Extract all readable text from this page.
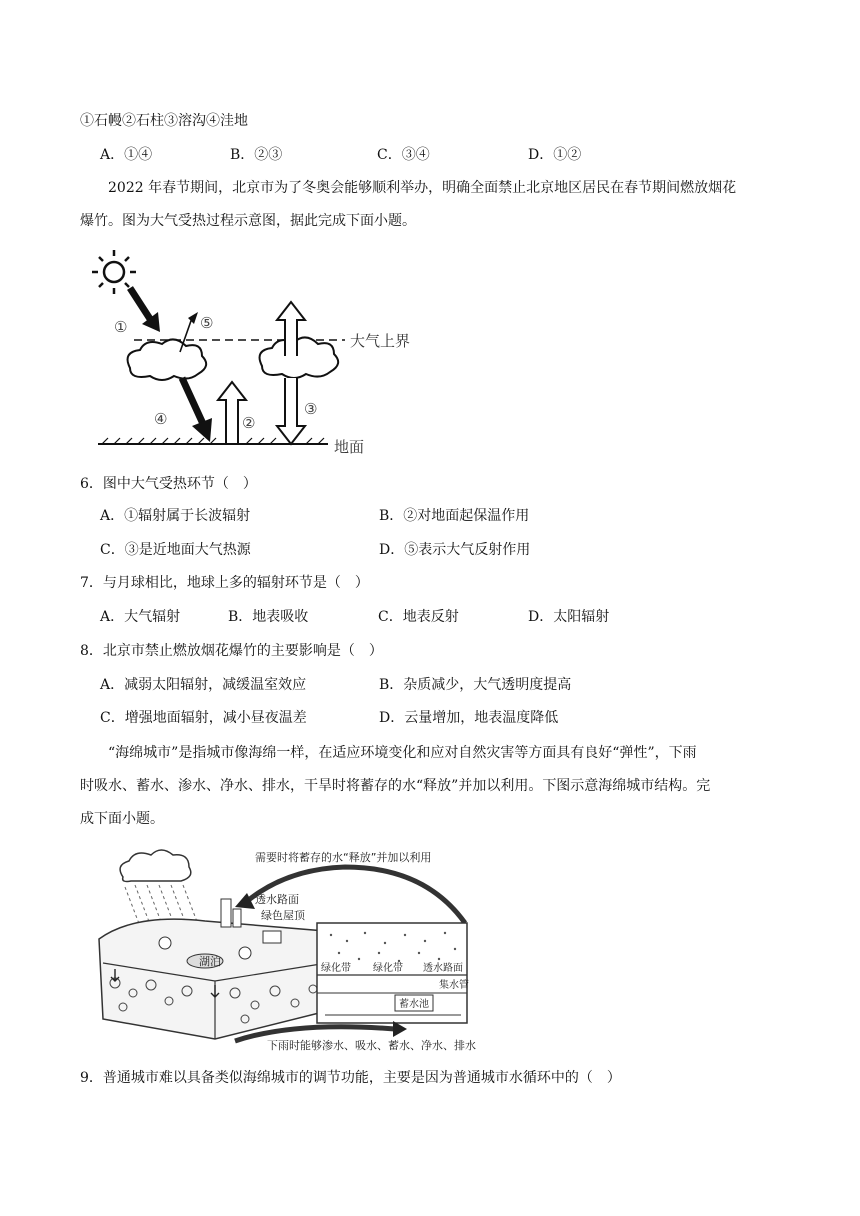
①石幔②石柱③溶沟④洼地
A．①④	B．②③	C．③④	D．①②
2022 年春节期间，北京市为了冬奥会能够顺利举办，明确全面禁止北京地区居民在春节期间燃放烟花
爆竹。图为大气受热过程示意图，据此完成下面小题。
①	⑤
④	②
③
大气上界
地面
6．图中大气受热环节（　）
A．①辐射属于长波辐射	B．②对地面起保温作用
C．③是近地面大气热源	D．⑤表示大气反射作用
7．与月球相比，地球上多的辐射环节是（　）
A．大气辐射	B．地表吸收	C．地表反射	D．太阳辐射
8．北京市禁止燃放烟花爆竹的主要影响是（　）
A．减弱太阳辐射，减缓温室效应	B．杂质减少，大气透明度提高
C．增强地面辐射，减小昼夜温差	D．云量增加，地表温度降低
“海绵城市”是指城市像海绵一样，在适应环境变化和应对自然灾害等方面具有良好“弹性”，下雨
时吸水、蓄水、渗水、净水、排水，干旱时将蓄存的水“释放”并加以利用。下图示意海绵城市结构。完
成下面小题。
需要时将蓄存的水“释放”并加以利用
透水路面
绿色屋顶
湖泊
绿化带 绿化带 透水路面
集水管
蓄水池
下雨时能够渗水、吸水、蓄水、净水、排水
9．普通城市难以具备类似海绵城市的调节功能，主要是因为普通城市水循环中的（　）
